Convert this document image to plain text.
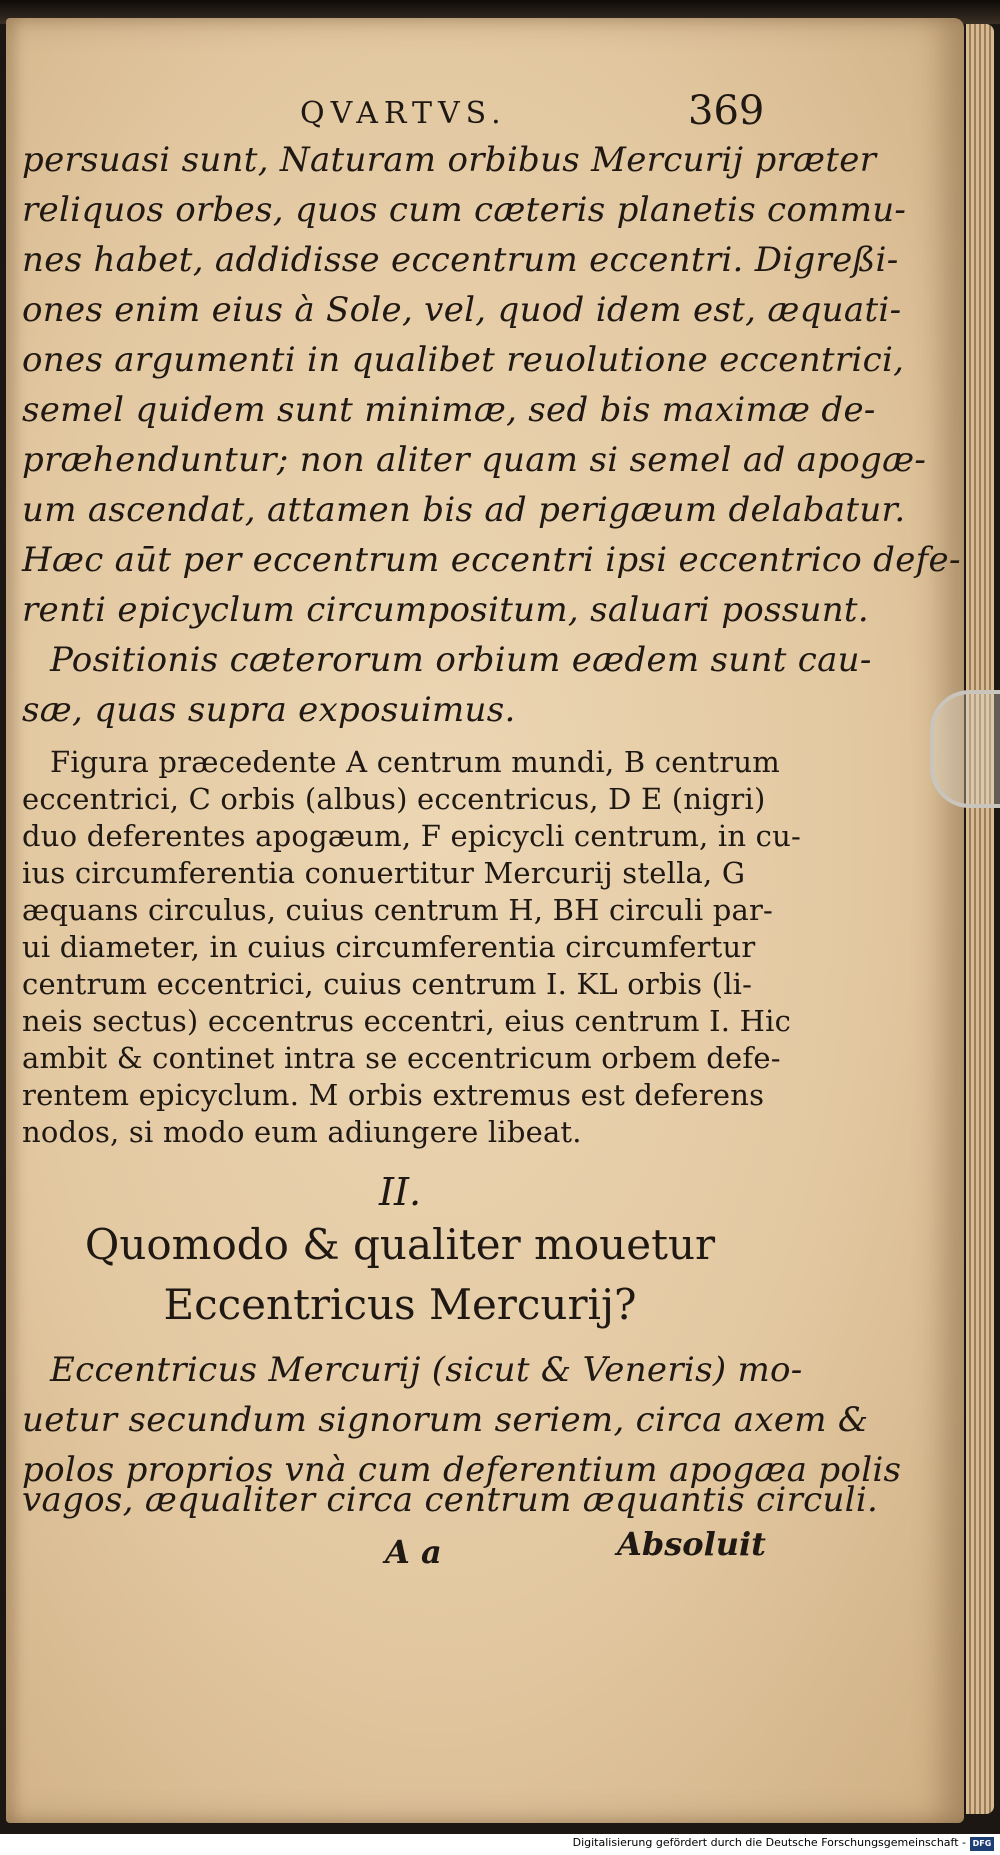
QVARTVS.	369

persuasi sunt, Naturam orbibus Mercurij præter

reliquos orbes, quos cum cæteris planetis commu-

nes habet, addidisse eccentrum eccentri. Digreßi-

ones enim eius à Sole, vel, quod idem est, æquati-

ones argumenti in qualibet reuolutione eccentrici,

semel quidem sunt minimæ, sed bis maximæ de-

præhenduntur; non aliter quam si semel ad apogæ-

um ascendat, attamen bis ad perigæum delabatur.

Hæc aūt per eccentrum eccentri ipsi eccentrico defe-

renti epicyclum circumpositum, saluari possunt.

Positionis cæterorum orbium eædem sunt cau-

sæ, quas supra exposuimus.

Figura præcedente A centrum mundi, B centrum

eccentrici, C orbis (albus) eccentricus, D E (nigri)

duo deferentes apogæum, F epicycli centrum, in cu-

ius circumferentia conuertitur Mercurij stella, G

æquans circulus, cuius centrum H, BH circuli par-

ui diameter, in cuius circumferentia circumfertur

centrum eccentrici, cuius centrum I. KL orbis (li-

neis sectus) eccentrus eccentri, eius centrum I. Hic

ambit & continet intra se eccentricum orbem defe-

rentem epicyclum. M orbis extremus est deferens

nodos, si modo eum adiungere libeat.

II.
Quomodo & qualiter mouetur
Eccentricus Mercurij?

Eccentricus Mercurij (sicut & Veneris) mo-

uetur secundum signorum seriem, circa axem &

polos proprios vnà cum deferentium apogæa polis

vagos, æqualiter circa centrum æquantis circuli.

A a	Absoluit
Digitalisierung gefördert durch die Deutsche Forschungsgemeinschaft - DFG
